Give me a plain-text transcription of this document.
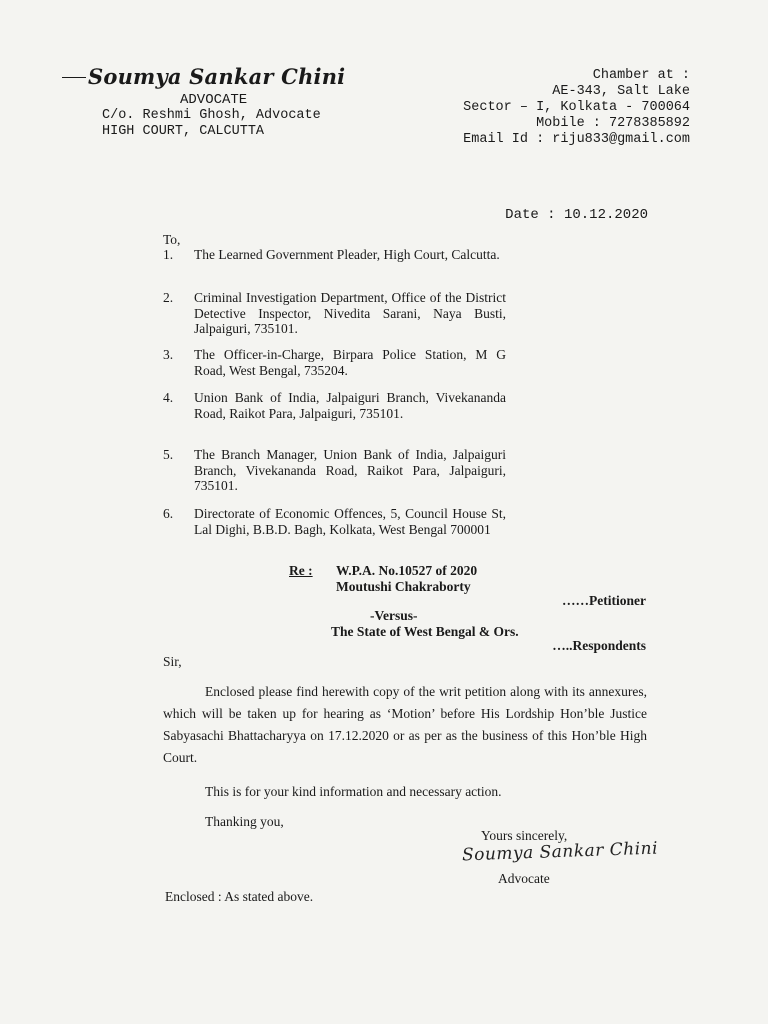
Soumya Sankar Chini
ADVOCATE
C/o. Reshmi Ghosh, Advocate
HIGH COURT, CALCUTTA
Chamber at :
AE-343, Salt Lake
Sector – I, Kolkata - 700064
Mobile : 7278385892
Email Id : riju833@gmail.com
Date : 10.12.2020
To,
1.	The Learned Government Pleader, High Court, Calcutta.
2.	Criminal Investigation Department, Office of the District Detective Inspector, Nivedita Sarani, Naya Busti, Jalpaiguri, 735101.
3.	The Officer-in-Charge, Birpara Police Station, M G Road, West Bengal, 735204.
4.	Union Bank of India, Jalpaiguri Branch, Vivekananda Road, Raikot Para, Jalpaiguri, 735101.
5.	The Branch Manager, Union Bank of India, Jalpaiguri Branch, Vivekananda Road, Raikot Para, Jalpaiguri, 735101.
6.	Directorate of Economic Offences, 5, Council House St, Lal Dighi, B.B.D. Bagh, Kolkata, West Bengal 700001
Re : W.P.A. No.10527 of 2020
Moutushi Chakraborty
……Petitioner
-Versus-
The State of West Bengal & Ors.
…..Respondents
Sir,
Enclosed please find herewith copy of the writ petition along with its annexures, which will be taken up for hearing as ‘Motion’ before His Lordship Hon’ble Justice Sabyasachi Bhattacharyya on 17.12.2020 or as per as the business of this Hon’ble High Court.
This is for your kind information and necessary action.
Thanking you,
Yours sincerely,
Soumya Sankar Chini
Advocate
Enclosed : As stated above.
